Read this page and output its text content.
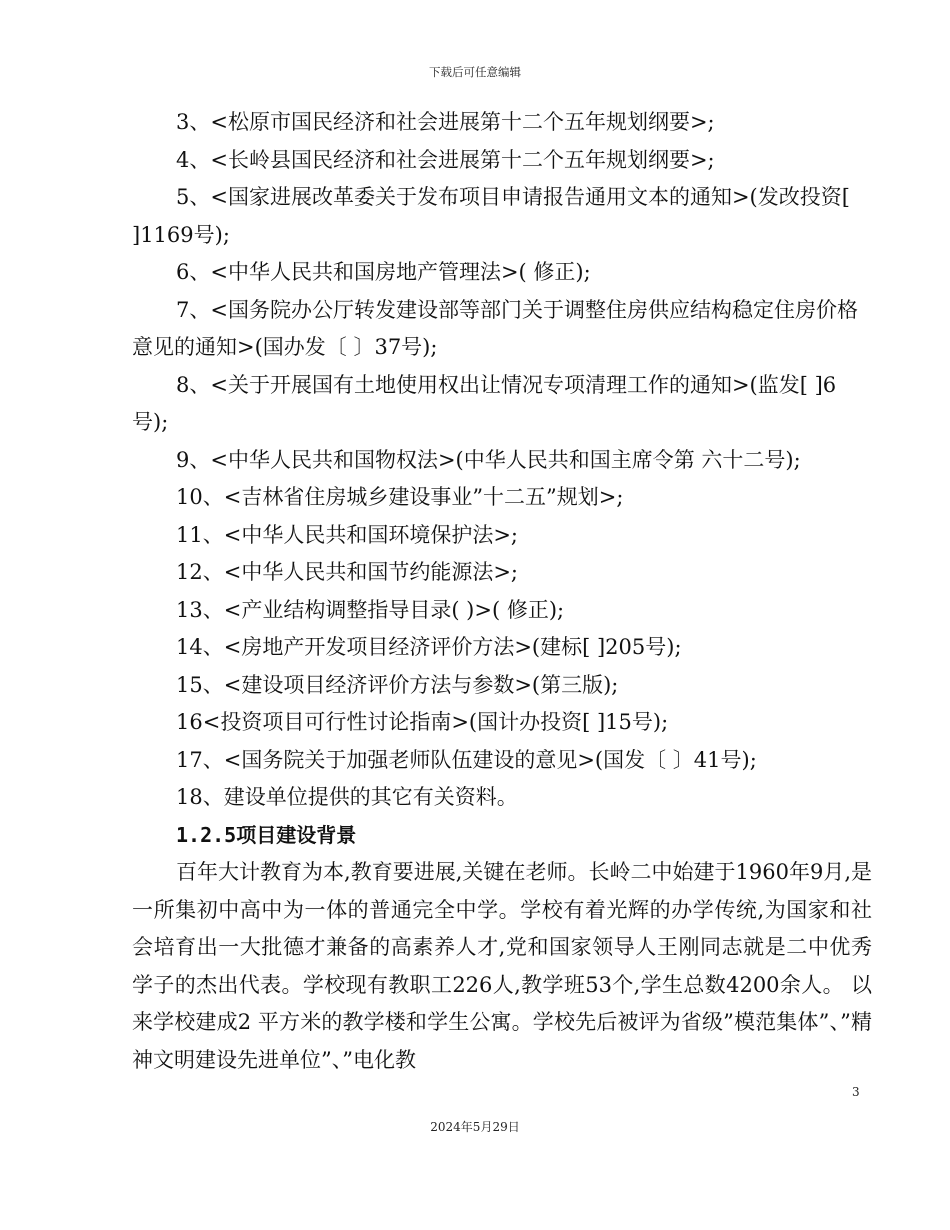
下载后可任意编辑
3、<松原市国民经济和社会进展第十二个五年规划纲要>;
4、<长岭县国民经济和社会进展第十二个五年规划纲要>;
5、<国家进展改革委关于发布项目申请报告通用文本的通知>(发改投资[ ]1169号);
6、<中华人民共和国房地产管理法>( 修正);
7、<国务院办公厅转发建设部等部门关于调整住房供应结构稳定住房价格意见的通知>(国办发〔 〕37号);
8、<关于开展国有土地使用权出让情况专项清理工作的通知>(监发[ ]6号);
9、<中华人民共和国物权法>(中华人民共和国主席令第 六十二号);
10、<吉林省住房城乡建设事业”十二五”规划>;
11、<中华人民共和国环境保护法>;
12、<中华人民共和国节约能源法>;
13、<产业结构调整指导目录( )>( 修正);
14、<房地产开发项目经济评价方法>(建标[ ]205号);
15、<建设项目经济评价方法与参数>(第三版);
16<投资项目可行性讨论指南>(国计办投资[ ]15号);
17、<国务院关于加强老师队伍建设的意见>(国发〔 〕41号);
18、建设单位提供的其它有关资料。
1.2.5项目建设背景
百年大计教育为本,教育要进展,关键在老师。长岭二中始建于1960年9月,是一所集初中高中为一体的普通完全中学。学校有着光辉的办学传统,为国家和社会培育出一大批德才兼备的高素养人才,党和国家领导人王刚同志就是二中优秀学子的杰出代表。学校现有教职工226人,教学班53个,学生总数4200余人。 以来学校建成2 平方米的教学楼和学生公寓。学校先后被评为省级”模范集体”、”精神文明建设先进单位”、”电化教
3
2024年5月29日
